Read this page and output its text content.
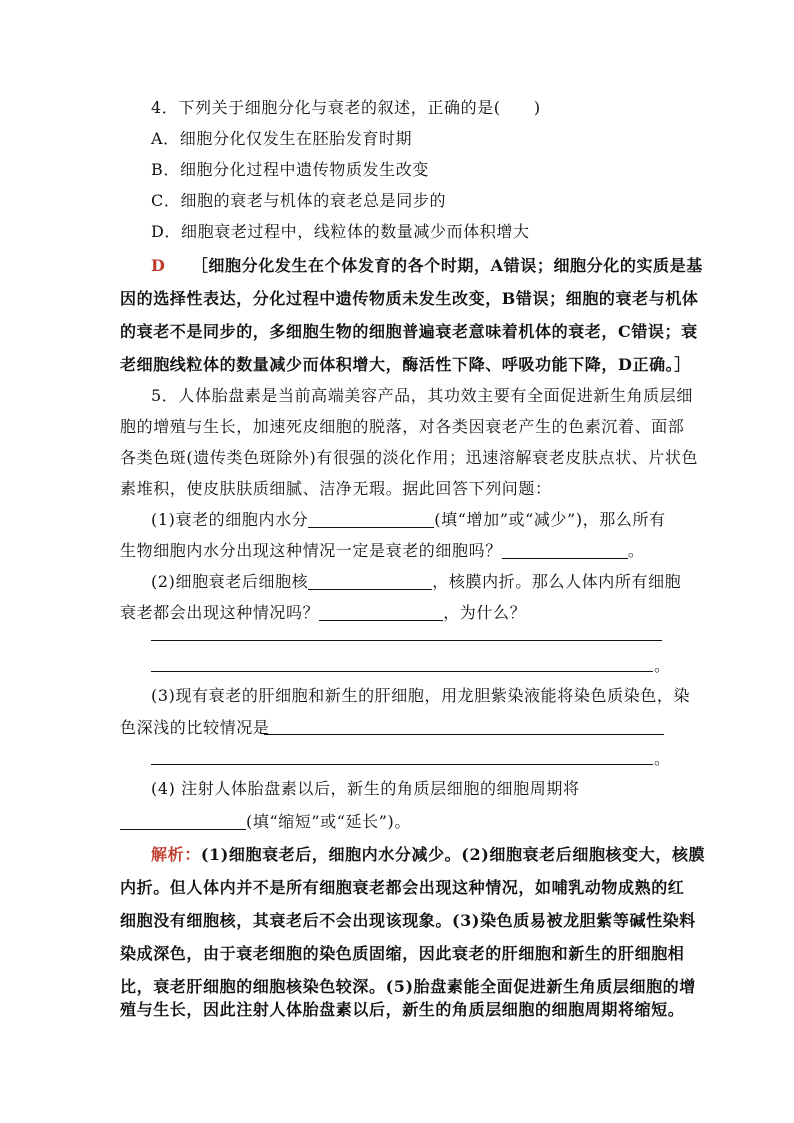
4．下列关于细胞分化与衰老的叙述，正确的是(　　)
A．细胞分化仅发生在胚胎发育时期
B．细胞分化过程中遗传物质发生改变
C．细胞的衰老与机体的衰老总是同步的
D．细胞衰老过程中，线粒体的数量减少而体积增大
D ［细胞分化发生在个体发育的各个时期，A错误；细胞分化的实质是基
因的选择性表达，分化过程中遗传物质未发生改变，B错误；细胞的衰老与机体
的衰老不是同步的，多细胞生物的细胞普遍衰老意味着机体的衰老，C错误；衰
老细胞线粒体的数量减少而体积增大，酶活性下降、呼吸功能下降，D正确。］
5．人体胎盘素是当前高端美容产品，其功效主要有全面促进新生角质层细
胞的增殖与生长，加速死皮细胞的脱落，对各类因衰老产生的色素沉着、面部
各类色斑(遗传类色斑除外)有很强的淡化作用；迅速溶解衰老皮肤点状、片状色
素堆积，使皮肤肤质细腻、洁净无瑕。据此回答下列问题：
(1)衰老的细胞内水分	(填“增加”或“减少”)，那么所有
生物细胞内水分出现这种情况一定是衰老的细胞吗？	。
(2)细胞衰老后细胞核	，核膜内折。那么人体内所有细胞
衰老都会出现这种情况吗？	，为什么？
。
(3)现有衰老的肝细胞和新生的肝细胞，用龙胆紫染液能将染色质染色，染
色深浅的比较情况是
。
(4) 注射人体胎盘素以后，新生的角质层细胞的细胞周期将
(填“缩短”或“延长”)。
解析：(1)细胞衰老后，细胞内水分减少。(2)细胞衰老后细胞核变大，核膜
内折。但人体内并不是所有细胞衰老都会出现这种情况，如哺乳动物成熟的红
细胞没有细胞核，其衰老后不会出现该现象。(3)染色质易被龙胆紫等碱性染料
染成深色，由于衰老细胞的染色质固缩，因此衰老的肝细胞和新生的肝细胞相
比，衰老肝细胞的细胞核染色较深。(5)胎盘素能全面促进新生角质层细胞的增
殖与生长，因此注射人体胎盘素以后，新生的角质层细胞的细胞周期将缩短。
